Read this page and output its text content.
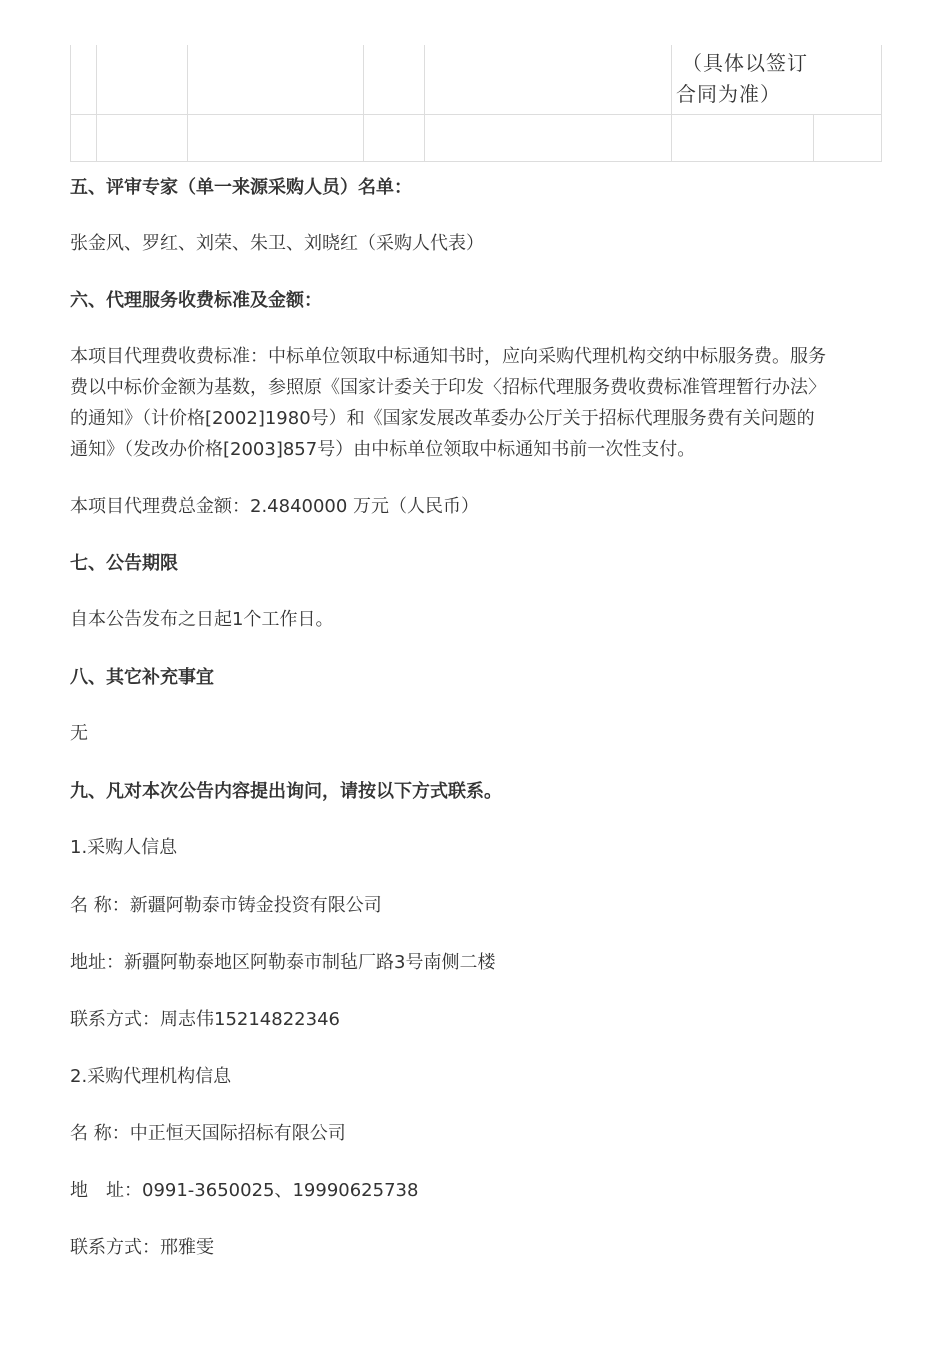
					（具体以签订
合同为准）	

五、评审专家（单一来源采购人员）名单：

张金风、罗红、刘荣、朱卫、刘晓红（采购人代表）

六、代理服务收费标准及金额：
本项目代理费收费标准：中标单位领取中标通知书时，应向采购代理机构交纳中标服务费。服务
费以中标价金额为基数，参照原《国家计委关于印发〈招标代理服务费收费标准管理暂行办法〉
的通知》（计价格[2002]1980号）和《国家发展改革委办公厅关于招标代理服务费有关问题的
通知》（发改办价格[2003]857号）由中标单位领取中标通知书前一次性支付。

本项目代理费总金额：2.4840000 万元（人民币）

七、公告期限

自本公告发布之日起1个工作日。

八、其它补充事宜

无

九、凡对本次公告内容提出询问，请按以下方式联系。

1.采购人信息

名 称：新疆阿勒泰市铸金投资有限公司

地址：新疆阿勒泰地区阿勒泰市制毡厂路3号南侧二楼

联系方式：周志伟15214822346

2.采购代理机构信息

名 称：中正恒天国际招标有限公司

地　址：0991-3650025、19990625738

联系方式：邢雅雯
